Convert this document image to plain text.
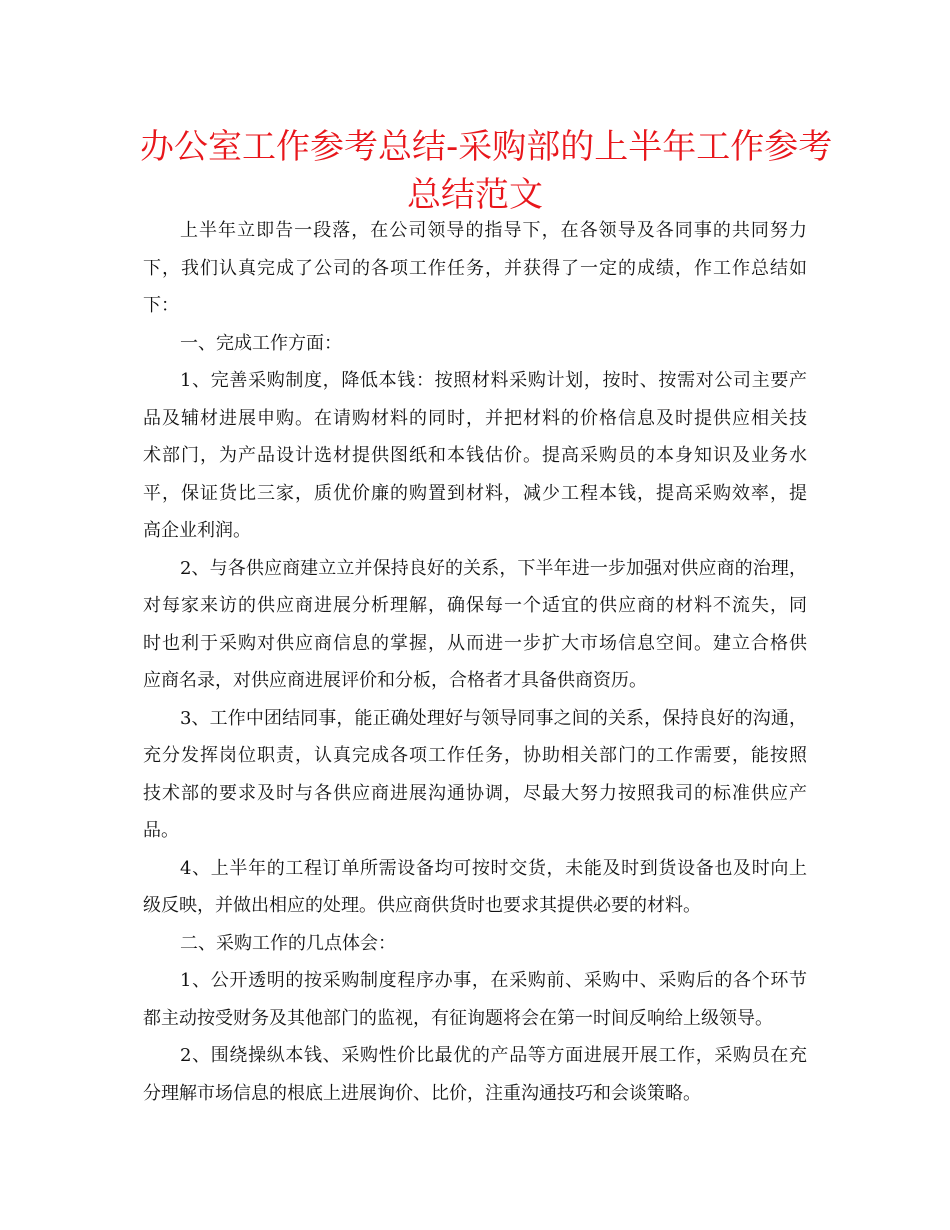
办公室工作参考总结-采购部的上半年工作参考
总结范文
上半年立即告一段落，在公司领导的指导下，在各领导及各同事的共同努力
下，我们认真完成了公司的各项工作任务，并获得了一定的成绩，作工作总结如
下：
一、完成工作方面：
1、完善采购制度，降低本钱：按照材料采购计划，按时、按需对公司主要产
品及辅材进展申购。在请购材料的同时，并把材料的价格信息及时提供应相关技
术部门，为产品设计选材提供图纸和本钱估价。提高采购员的本身知识及业务水
平，保证货比三家，质优价廉的购置到材料，减少工程本钱，提高采购效率，提
高企业利润。
2、与各供应商建立立并保持良好的关系，下半年进一步加强对供应商的治理，
对每家来访的供应商进展分析理解，确保每一个适宜的供应商的材料不流失，同
时也利于采购对供应商信息的掌握，从而进一步扩大市场信息空间。建立合格供
应商名录，对供应商进展评价和分板，合格者才具备供商资历。
3、工作中团结同事，能正确处理好与领导同事之间的关系，保持良好的沟通，
充分发挥岗位职责，认真完成各项工作任务，协助相关部门的工作需要，能按照
技术部的要求及时与各供应商进展沟通协调，尽最大努力按照我司的标准供应产
品。
4、上半年的工程订单所需设备均可按时交货，未能及时到货设备也及时向上
级反映，并做出相应的处理。供应商供货时也要求其提供必要的材料。
二、采购工作的几点体会：
1、公开透明的按采购制度程序办事，在采购前、采购中、采购后的各个环节
都主动按受财务及其他部门的监视，有征询题将会在第一时间反响给上级领导。
2、围绕操纵本钱、采购性价比最优的产品等方面进展开展工作，采购员在充
分理解市场信息的根底上进展询价、比价，注重沟通技巧和会谈策略。
